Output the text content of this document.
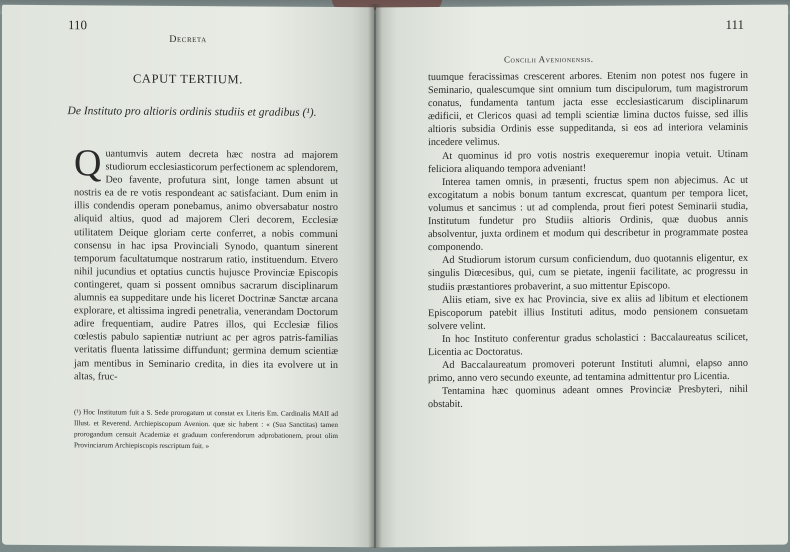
110
Decreta
CAPUT TERTIUM.
De Instituto pro altioris ordinis studiis et gradibus (¹).

Quantumvis autem decreta hæc nostra ad majorem studiorum ecclesiasticorum perfectionem ac splendorem, Deo favente, profutura sint, longe tamen absunt ut nostris ea de re votis respondeant ac satisfaciant. Dum enim in illis condendis operam ponebamus, animo obversabatur nostro aliquid altius, quod ad majorem Cleri decorem, Ecclesiæ utilitatem Deique gloriam certe conferret, a nobis communi consensu in hac ipsa Provinciali Synodo, quantum sinerent temporum facultatumque nostrarum ratio, instituendum. Etvero nihil jucundius et optatius cunctis hujusce Provinciæ Episcopis contingeret, quam si possent omnibus sacrarum disciplinarum alumnis ea suppeditare unde his liceret Doctrinæ Sanctæ arcana explorare, et altissima ingredi penetralia, venerandam Doctorum adire frequentiam, audire Patres illos, qui Ecclesiæ filios cœlestis pabulo sapientiæ nutriunt ac per agros patris-familias veritatis fluenta latissime diffundunt; germina demum scientiæ jam mentibus in Seminario credita, in dies ita evolvere ut in altas, fruc-

(¹) Hoc Institutum fuit a S. Sede prorogatum ut constat ex Literis Em. Cardinalis MAII ad Illust. et Reverend. Archiepiscopum Avenion. quæ sic habent : « (Sua Sanctitas) tamen prorogandum censuit Academiæ et graduum conferendorum adprobationem, prout olim Provinciarum Archiepiscopis rescriptum fuit. »
Concilii Avenionensis.
111

tuumque feracissimas crescerent arbores. Etenim non potest nos fugere in Seminario, qualescumque sint omnium tum discipulorum, tum magistrorum conatus, fundamenta tantum jacta esse ecclesiasticarum disciplinarum ædificii, et Clericos quasi ad templi scientiæ limina ductos fuisse, sed illis altioris subsidia Ordinis esse suppeditanda, si eos ad interiora velaminis incedere velimus.

At quominus id pro votis nostris exequeremur inopia vetuit. Utinam feliciora aliquando tempora adveniant!

Interea tamen omnis, in præsenti, fructus spem non abjecimus. Ac ut excogitatum a nobis bonum tantum excrescat, quantum per tempora licet, volumus et sancimus : ut ad complenda, prout fieri potest Seminarii studia, Institutum fundetur pro Studiis altioris Ordinis, quæ duobus annis absolventur, juxta ordinem et modum qui describetur in programmate postea componendo.

Ad Studiorum istorum cursum conficiendum, duo quotannis eligentur, ex singulis Diœcesibus, qui, cum se pietate, ingenii facilitate, ac progressu in studiis præstantiores probaverint, a suo mittentur Episcopo.

Aliis etiam, sive ex hac Provincia, sive ex aliis ad libitum et electionem Episcoporum patebit illius Instituti aditus, modo pensionem consuetam solvere velint.

In hoc Instituto conferentur gradus scholastici : Baccalaureatus scilicet, Licentia ac Doctoratus.

Ad Baccalaureatum promoveri poterunt Instituti alumni, elapso anno primo, anno vero secundo exeunte, ad tentamina admittentur pro Licentia.

Tentamina hæc quominus adeant omnes Provinciæ Presbyteri, nihil obstabit.
